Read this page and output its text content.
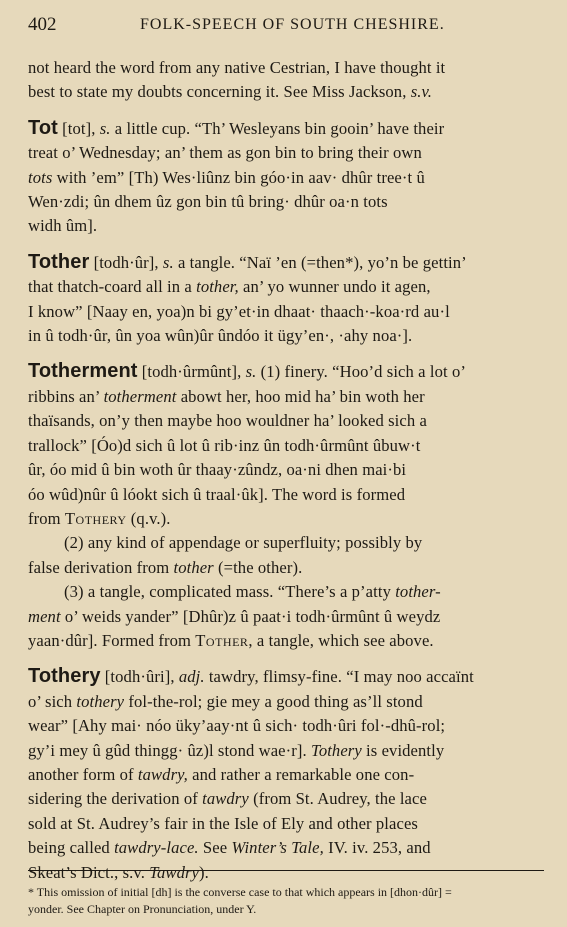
402	FOLK-SPEECH OF SOUTH CHESHIRE.

not heard the word from any native Cestrian, I have thought it
best to state my doubts concerning it. See Miss Jackson, s.v.

Tot [tot], s. a little cup. “Th’ Wesleyans bin gooin’ have their
treat o’ Wednesday; an’ them as gon bin to bring their own
tots with ’em” [Th) Wes·liûnz bin góo·in aav· dhûr tree·t û
Wen·zdi; ûn dhem ûz gon bin tû bring· dhûr oa·n tots
widh ûm].

Tother [todh·ûr], s. a tangle. “Naï ’en (=then*), yo’n be gettin’
that thatch-coard all in a tother, an’ yo wunner undo it agen,
I know” [Naay en, yoa)n bi gy’et·in dhaat· thaach·-koa·rd au·l
in û todh·ûr, ûn yoa wûn)ûr ûndóo it ügy’en·, ·ahy noa·].

Totherment [todh·ûrmûnt], s. (1) finery. “Hoo’d sich a lot o’
ribbins an’ totherment abowt her, hoo mid ha’ bin woth her
thaïsands, on’y then maybe hoo wouldner ha’ looked sich a
trallock” [Óo)d sich û lot û rib·inz ûn todh·ûrmûnt ûbuw·t
ûr, óo mid û bin woth ûr thaay·zûndz, oa·ni dhen mai·bi
óo wûd)nûr û lóokt sich û traal·ûk]. The word is formed
from Tothery (q.v.).

(2) any kind of appendage or superfluity; possibly by
false derivation from tother (=the other).

(3) a tangle, complicated mass. “There’s a p’atty tother-
ment o’ weids yander” [Dhûr)z û paat·i todh·ûrmûnt û weydz
yaan·dûr]. Formed from Tother, a tangle, which see above.

Tothery [todh·ûri], adj. tawdry, flimsy-fine. “I may noo accaïnt
o’ sich tothery fol-the-rol; gie mey a good thing as’ll stond
wear” [Ahy mai· nóo üky’aay·nt û sich· todh·ûri fol·-dhû-rol;
gy’i mey û gûd thingg· ûz)l stond wae·r]. Tothery is evidently
another form of tawdry, and rather a remarkable one con-
sidering the derivation of tawdry (from St. Audrey, the lace
sold at St. Audrey’s fair in the Isle of Ely and other places
being called tawdry-lace. See Winter’s Tale, IV. iv. 253, and
Skeat’s Dict., s.v. Tawdry).

* This omission of initial [dh] is the converse case to that which appears in [dhon·dûr] =
yonder. See Chapter on Pronunciation, under Y.
